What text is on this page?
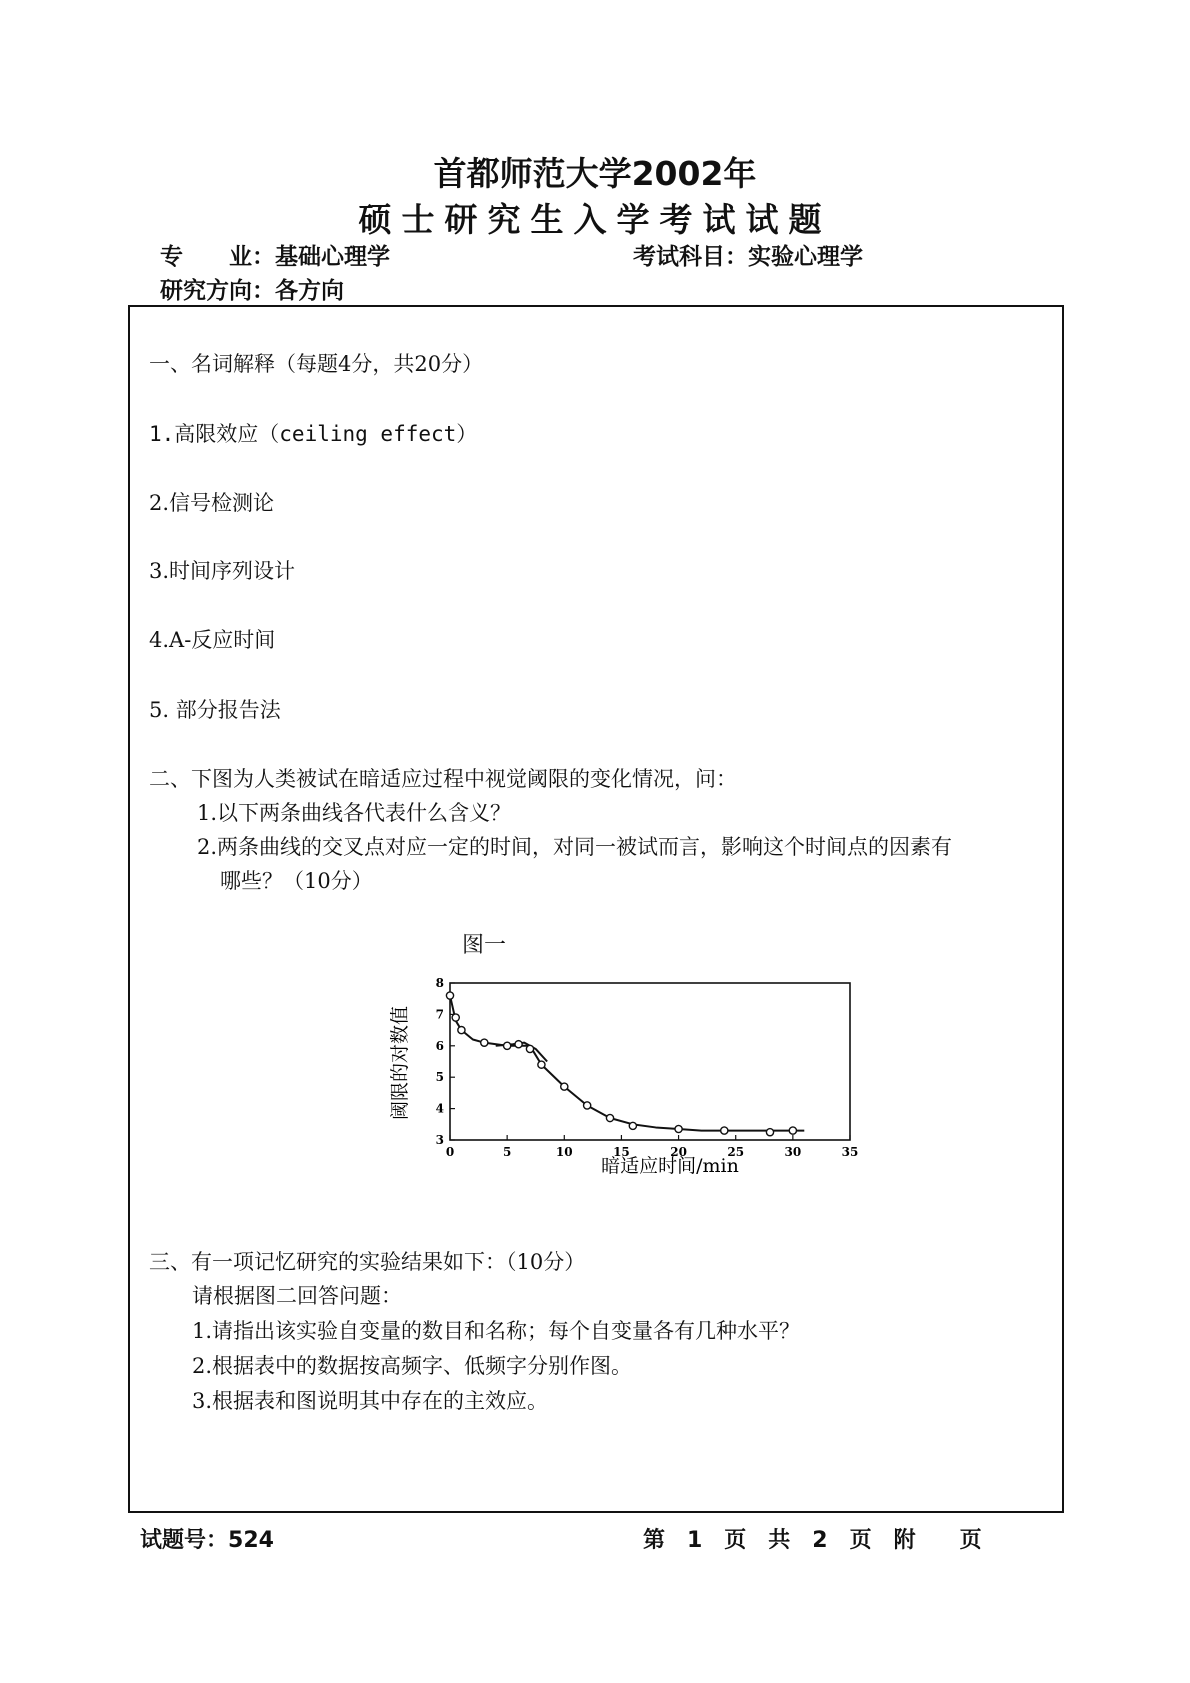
首都师范大学2002年
硕士研究生入学考试试题
专　　业：基础心理学	考试科目：实验心理学
研究方向：各方向
一、名词解释（每题4分，共20分）
1.高限效应（ceiling effect）
2.信号检测论
3.时间序列设计
4.A-反应时间
5. 部分报告法
二、下图为人类被试在暗适应过程中视觉阈限的变化情况，问：
1.以下两条曲线各代表什么含义？
2.两条曲线的交叉点对应一定的时间，对同一被试而言，影响这个时间点的因素有
哪些？（10分）
图一
0	5	10	15	20	25	30	35
3
4
5
6
7
8
阈限的对数值
暗适应时间/min
三、有一项记忆研究的实验结果如下：（10分）
请根据图二回答问题：
1.请指出该实验自变量的数目和名称；每个自变量各有几种水平？
2.根据表中的数据按高频字、低频字分别作图。
3.根据表和图说明其中存在的主效应。
试题号：524	第　1　页　共　2　页　附　　页
